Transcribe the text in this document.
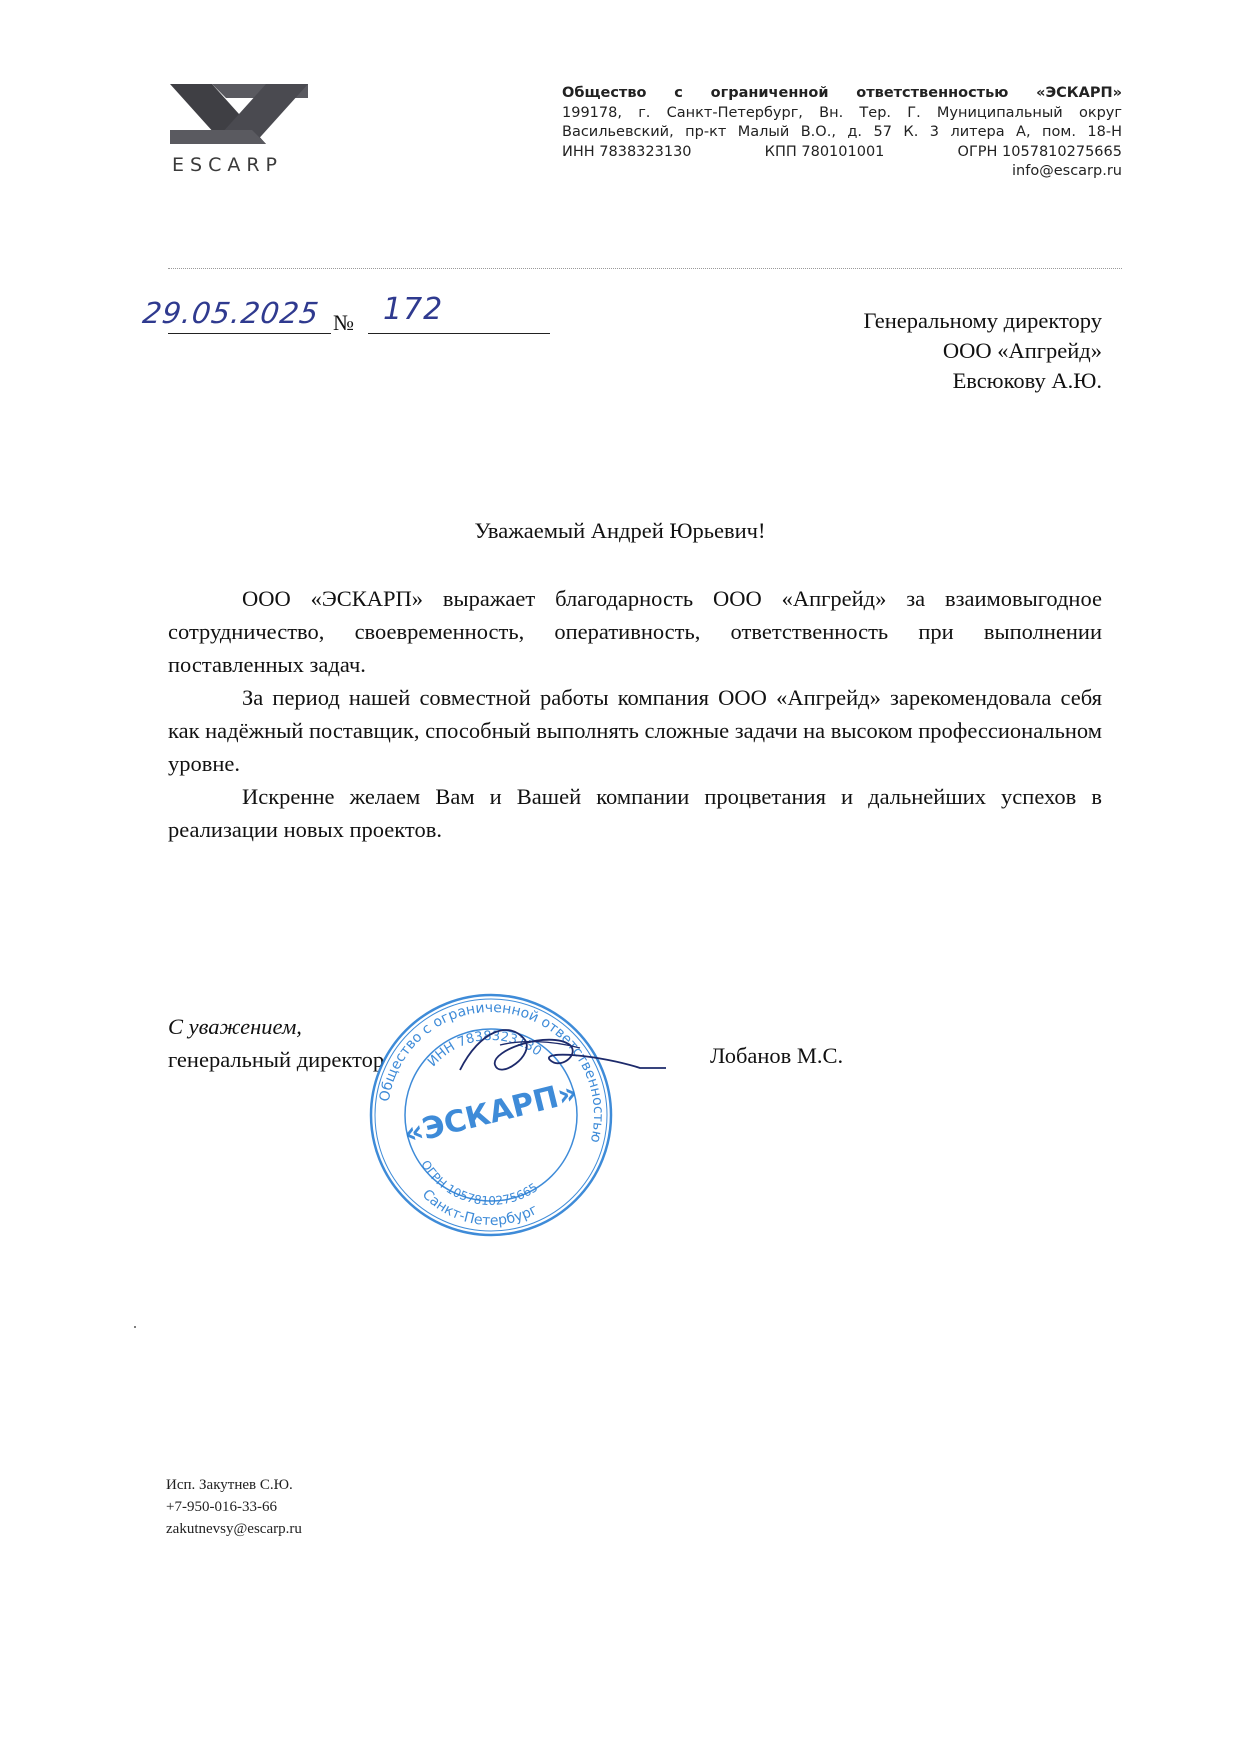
ESCARP
Общество с ограниченной ответственностью «ЭСКАРП»
199178, г. Санкт-Петербург, Вн. Тер. Г. Муниципальный округ
Васильевский, пр-кт Малый В.О., д. 57 К. 3 литера А, пом. 18-Н
ИНН 7838323130	КПП 780101001	ОГРН 1057810275665
info@escarp.ru
29.05.2025 № 172	Генеральному директору
ООО «Апгрейд»
Евсюкову А.Ю.
Уважаемый Андрей Юрьевич!

ООО «ЭСКАРП» выражает благодарность ООО «Апгрейд» за взаимовыгодное сотрудничество, своевременность, оперативность, ответственность при выполнении поставленных задач.

За период нашей совместной работы компания ООО «Апгрейд» зарекомендовала себя как надёжный поставщик, способный выполнять сложные задачи на высоком профессиональном уровне.

Искренне желаем Вам и Вашей компании процветания и дальнейших успехов в реализации новых проектов.

С уважением,
генеральный директор	Лобанов М.С.
Общество с ограниченной ответственностью
ИНН 7838323130
«ЭСКАРП»
ОГРН 1057810275665
Санкт-Петербург
Исп. Закутнев С.Ю.
+7-950-016-33-66
zakutnevsy@escarp.ru
